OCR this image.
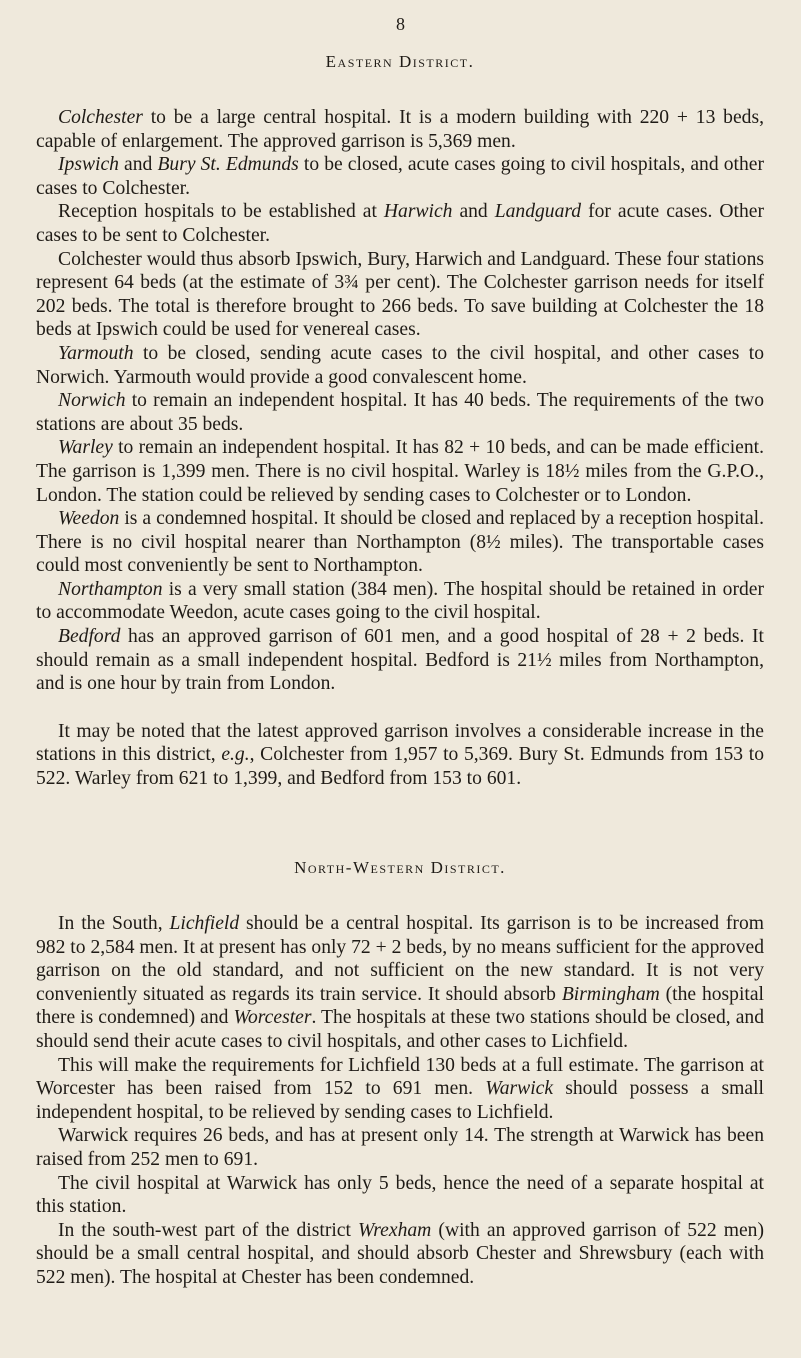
8
Eastern District.

Colchester to be a large central hospital. It is a modern building with 220 + 13 beds, capable of enlargement. The approved garrison is 5,369 men.

Ipswich and Bury St. Edmunds to be closed, acute cases going to civil hospitals, and other cases to Colchester.

Reception hospitals to be established at Harwich and Landguard for acute cases. Other cases to be sent to Colchester.

Colchester would thus absorb Ipswich, Bury, Harwich and Landguard. These four stations represent 64 beds (at the estimate of 3¾ per cent). The Colchester garrison needs for itself 202 beds. The total is therefore brought to 266 beds. To save building at Colchester the 18 beds at Ipswich could be used for venereal cases.

Yarmouth to be closed, sending acute cases to the civil hospital, and other cases to Norwich. Yarmouth would provide a good convalescent home.

Norwich to remain an independent hospital. It has 40 beds. The requirements of the two stations are about 35 beds.

Warley to remain an independent hospital. It has 82 + 10 beds, and can be made efficient. The garrison is 1,399 men. There is no civil hospital. Warley is 18½ miles from the G.P.O., London. The station could be relieved by sending cases to Colchester or to London.

Weedon is a condemned hospital. It should be closed and replaced by a reception hospital. There is no civil hospital nearer than Northampton (8½ miles). The transportable cases could most conveniently be sent to Northampton.

Northampton is a very small station (384 men). The hospital should be retained in order to accommodate Weedon, acute cases going to the civil hospital.

Bedford has an approved garrison of 601 men, and a good hospital of 28 + 2 beds. It should remain as a small independent hospital. Bedford is 21½ miles from Northampton, and is one hour by train from London.

It may be noted that the latest approved garrison involves a considerable increase in the stations in this district, e.g., Colchester from 1,957 to 5,369. Bury St. Edmunds from 153 to 522. Warley from 621 to 1,399, and Bedford from 153 to 601.

North-Western District.

In the South, Lichfield should be a central hospital. Its garrison is to be increased from 982 to 2,584 men. It at present has only 72 + 2 beds, by no means sufficient for the approved garrison on the old standard, and not sufficient on the new standard. It is not very conveniently situated as regards its train service. It should absorb Birmingham (the hospital there is condemned) and Worcester. The hospitals at these two stations should be closed, and should send their acute cases to civil hospitals, and other cases to Lichfield.

This will make the requirements for Lichfield 130 beds at a full estimate. The garrison at Worcester has been raised from 152 to 691 men. Warwick should possess a small independent hospital, to be relieved by sending cases to Lichfield.

Warwick requires 26 beds, and has at present only 14. The strength at Warwick has been raised from 252 men to 691.

The civil hospital at Warwick has only 5 beds, hence the need of a separate hospital at this station.

In the south-west part of the district Wrexham (with an approved garrison of 522 men) should be a small central hospital, and should absorb Chester and Shrewsbury (each with 522 men). The hospital at Chester has been condemned.
